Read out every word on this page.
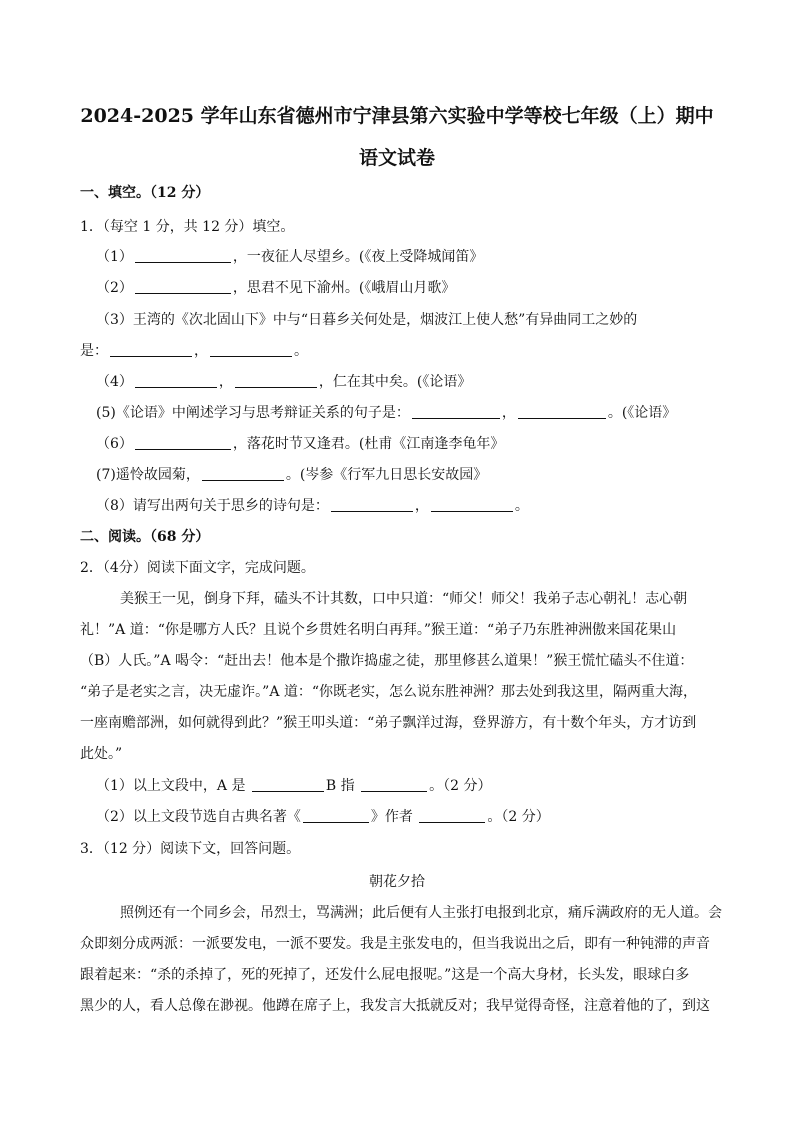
2024-2025 学年山东省德州市宁津县第六实验中学等校七年级（上）期中
语文试卷
一、填空。（12 分）
1．（每空 1 分，共 12 分）填空。
（1）	，一夜征人尽望乡。(《夜上受降城闻笛》
（2）	，思君不见下渝州。(《峨眉山月歌》
（3）王湾的《次北固山下》中与“日暮乡关何处是，烟波江上使人愁”有异曲同工之妙的
是：	，	。
（4）	，	，仁在其中矣。(《论语》
(5)《论语》中阐述学习与思考辩证关系的句子是：	，	。(《论语》
（6）	，落花时节又逢君。(杜甫《江南逢李龟年》
(7)遥怜故园菊，	。(岑参《行军九日思长安故园》
（8）请写出两句关于思乡的诗句是：	，	。
二、阅读。（68 分）
2．（4分）阅读下面文字，完成问题。
美猴王一见，倒身下拜，磕头不计其数，口中只道：“师父！师父！我弟子志心朝礼！志心朝
礼！”A 道：“你是哪方人氏？且说个乡贯姓名明白再拜。”猴王道：“弟子乃东胜神洲傲来国花果山
（B）人氏。”A 喝令：“赶出去！他本是个撒诈捣虚之徒，那里修甚么道果！”猴王慌忙磕头不住道：
“弟子是老实之言，决无虚诈。”A 道：“你既老实，怎么说东胜神洲？那去处到我这里，隔两重大海，
一座南赡部洲，如何就得到此？”猴王叩头道：“弟子飘洋过海，登界游方，有十数个年头，方才访到
此处。”
（1）以上文段中，A 是	B 指	。（2 分）
（2）以上文段节选自古典名著《	》作者	。（2 分）
3．（12 分）阅读下文，回答问题。
朝花夕拾
照例还有一个同乡会，吊烈士，骂满洲；此后便有人主张打电报到北京，痛斥满政府的无人道。会
众即刻分成两派：一派要发电，一派不要发。我是主张发电的，但当我说出之后，即有一种钝滞的声音
跟着起来：“杀的杀掉了，死的死掉了，还发什么屁电报呢。”这是一个高大身材，长头发，眼球白多
黑少的人，看人总像在渺视。他蹲在席子上，我发言大抵就反对；我早觉得奇怪，注意着他的了，到这
